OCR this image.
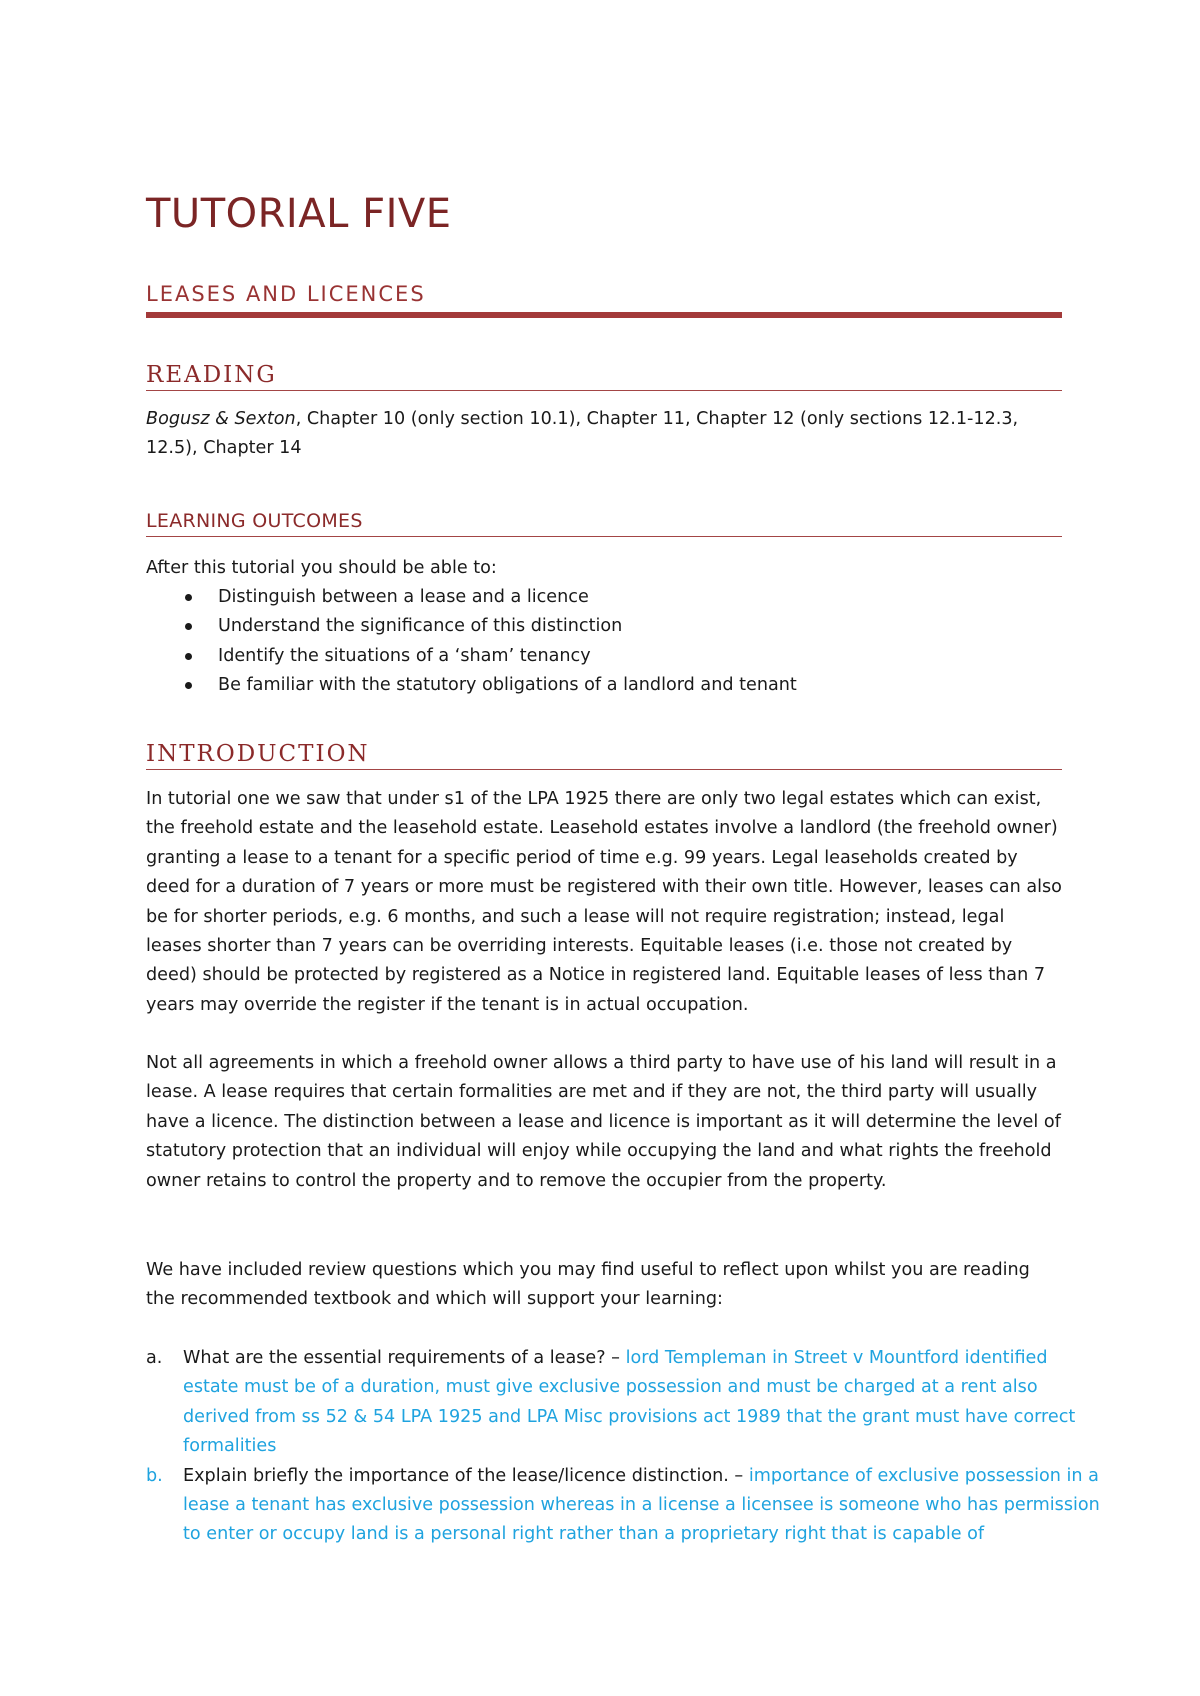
TUTORIAL FIVE
LEASES AND LICENCES
READING

Bogusz & Sexton, Chapter 10 (only section 10.1), Chapter 11, Chapter 12 (only sections 12.1-12.3, 12.5), Chapter 14

LEARNING OUTCOMES

After this tutorial you should be able to:

Distinguish between a lease and a licence
Understand the significance of this distinction
Identify the situations of a ‘sham’ tenancy
Be familiar with the statutory obligations of a landlord and tenant
INTRODUCTION

In tutorial one we saw that under s1 of the LPA 1925 there are only two legal estates which can exist, the freehold estate and the leasehold estate. Leasehold estates involve a landlord (the freehold owner) granting a lease to a tenant for a specific period of time e.g. 99 years. Legal leaseholds created by deed for a duration of 7 years or more must be registered with their own title. However, leases can also be for shorter periods, e.g. 6 months, and such a lease will not require registration; instead, legal leases shorter than 7 years can be overriding interests. Equitable leases (i.e. those not created by deed) should be protected by registered as a Notice in registered land. Equitable leases of less than 7 years may override the register if the tenant is in actual occupation.

Not all agreements in which a freehold owner allows a third party to have use of his land will result in a lease. A lease requires that certain formalities are met and if they are not, the third party will usually have a licence. The distinction between a lease and licence is important as it will determine the level of statutory protection that an individual will enjoy while occupying the land and what rights the freehold owner retains to control the property and to remove the occupier from the property.

We have included review questions which you may find useful to reflect upon whilst you are reading the recommended textbook and which will support your learning:

a. What are the essential requirements of a lease? – lord Templeman in Street v Mountford identified estate must be of a duration, must give exclusive possession and must be charged at a rent also derived from ss 52 & 54 LPA 1925 and LPA Misc provisions act 1989 that the grant must have correct formalities
b. Explain briefly the importance of the lease/licence distinction. – importance of exclusive possession in a lease a tenant has exclusive possession whereas in a license a licensee is someone who has permission to enter or occupy land is a personal right rather than a proprietary right that is capable of
